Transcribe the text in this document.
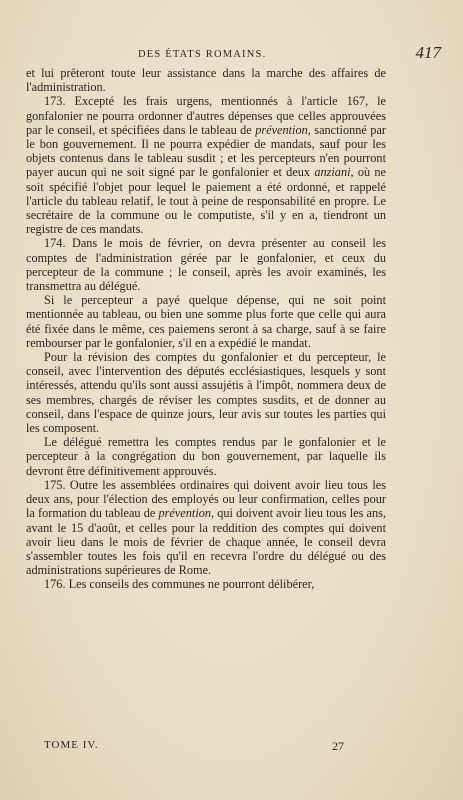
DES ÉTATS ROMAINS.	417

et lui prêteront toute leur assistance dans la marche des affaires de l'administration.

173. Excepté les frais urgens, mentionnés à l'article 167, le gonfalonier ne pourra ordonner d'autres dépenses que celles approuvées par le conseil, et spécifiées dans le tableau de prévention, sanctionné par le bon gouvernement. Il ne pourra expédier de mandats, sauf pour les objets contenus dans le tableau susdit ; et les percepteurs n'en pourront payer aucun qui ne soit signé par le gonfalonier et deux anziani, où ne soit spécifié l'objet pour lequel le paiement a été ordonné, et rappelé l'article du tableau relatif, le tout à peine de responsabilité en propre. Le secrétaire de la commune ou le computiste, s'il y en a, tiendront un registre de ces mandats.

174. Dans le mois de février, on devra présenter au conseil les comptes de l'administration gérée par le gonfalonier, et ceux du percepteur de la commune ; le conseil, après les avoir examinés, les transmettra au délégué.

Si le percepteur a payé quelque dépense, qui ne soit point mentionnée au tableau, ou bien une somme plus forte que celle qui aura été fixée dans le même, ces paiemens seront à sa charge, sauf à se faire rembourser par le gonfalonier, s'il en a expédié le mandat.

Pour la révision des comptes du gonfalonier et du percepteur, le conseil, avec l'intervention des députés ecclésiastiques, lesquels y sont intéressés, attendu qu'ils sont aussi assujétis à l'impôt, nommera deux de ses membres, chargés de réviser les comptes susdits, et de donner au conseil, dans l'espace de quinze jours, leur avis sur toutes les parties qui les composent.

Le délégué remettra les comptes rendus par le gonfalonier et le percepteur à la congrégation du bon gouvernement, par laquelle ils devront être définitivement approuvés.

175. Outre les assemblées ordinaires qui doivent avoir lieu tous les deux ans, pour l'élection des employés ou leur confirmation, celles pour la formation du tableau de prévention, qui doivent avoir lieu tous les ans, avant le 15 d'août, et celles pour la reddition des comptes qui doivent avoir lieu dans le mois de février de chaque année, le conseil devra s'assembler toutes les fois qu'il en recevra l'ordre du délégué ou des administrations supérieures de Rome.

176. Les conseils des communes ne pourront délibérer,

TOME IV.	27
